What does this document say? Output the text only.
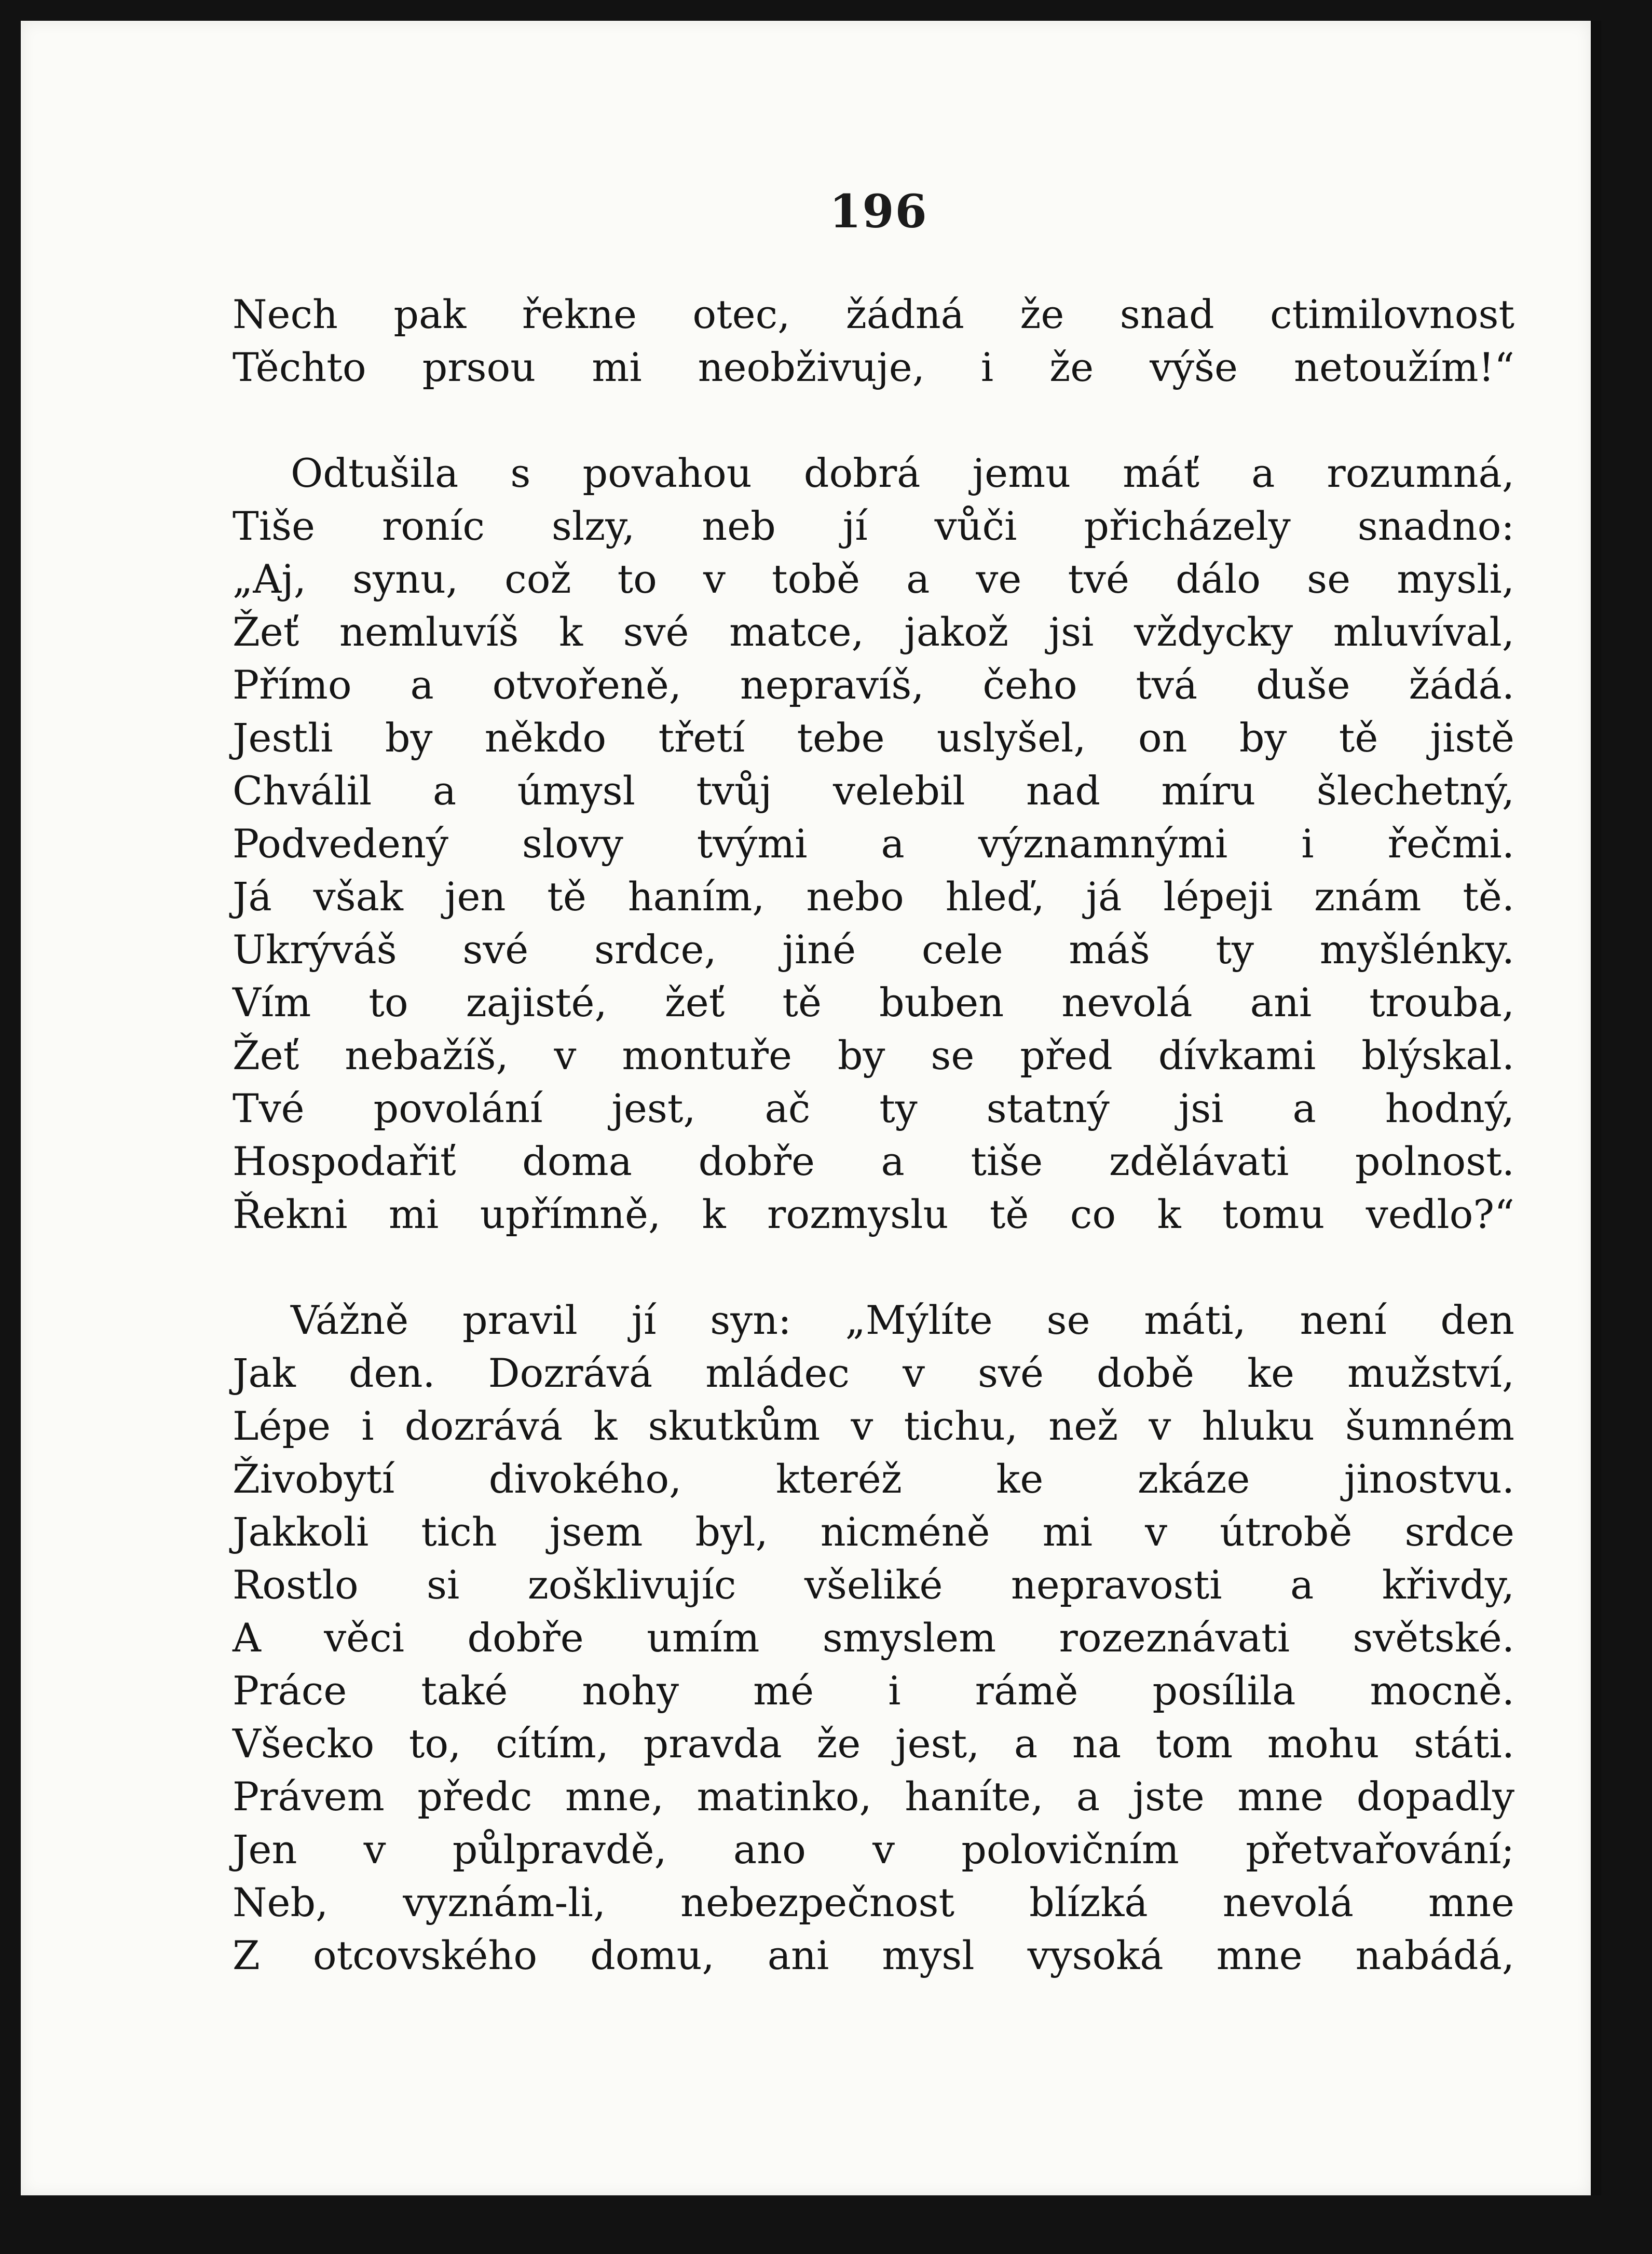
196
Nech pak řekne otec, žádná že snad ctimilovnost
Těchto prsou mi neobživuje, i že výše netoužím!“
Odtušila s povahou dobrá jemu máť a rozumná,
Tiše roníc slzy, neb jí vůči přicházely snadno:
„Aj, synu, což to v tobě a ve tvé dálo se mysli,
Žeť nemluvíš k své matce, jakož jsi vždycky mluvíval,
Přímo a otvořeně, nepravíš, čeho tvá duše žádá.
Jestli by někdo třetí tebe uslyšel, on by tě jistě
Chválil a úmysl tvůj velebil nad míru šlechetný,
Podvedený slovy tvými a významnými i řečmi.
Já však jen tě haním, nebo hleď, já lépeji znám tě.
Ukrýváš své srdce, jiné cele máš ty myšlénky.
Vím to zajisté, žeť tě buben nevolá ani trouba,
Žeť nebažíš, v montuře by se před dívkami blýskal.
Tvé povolání jest, ač ty statný jsi a hodný,
Hospodařiť doma dobře a tiše zdělávati polnost.
Řekni mi upřímně, k rozmyslu tě co k tomu vedlo?“
Vážně pravil jí syn: „Mýlíte se máti, není den
Jak den. Dozrává mládec v své době ke mužství,
Lépe i dozrává k skutkům v tichu, než v hluku šumném
Živobytí divokého, kteréž ke zkáze jinostvu.
Jakkoli tich jsem byl, nicméně mi v útrobě srdce
Rostlo si zošklivujíc všeliké nepravosti a křivdy,
A věci dobře umím smyslem rozeznávati světské.
Práce také nohy mé i rámě posílila mocně.
Všecko to, cítím, pravda že jest, a na tom mohu státi.
Právem předc mne, matinko, haníte, a jste mne dopadly
Jen v půlpravdě, ano v polovičním přetvařování;
Neb, vyznám-li, nebezpečnost blízká nevolá mne
Z otcovského domu, ani mysl vysoká mne nabádá,
